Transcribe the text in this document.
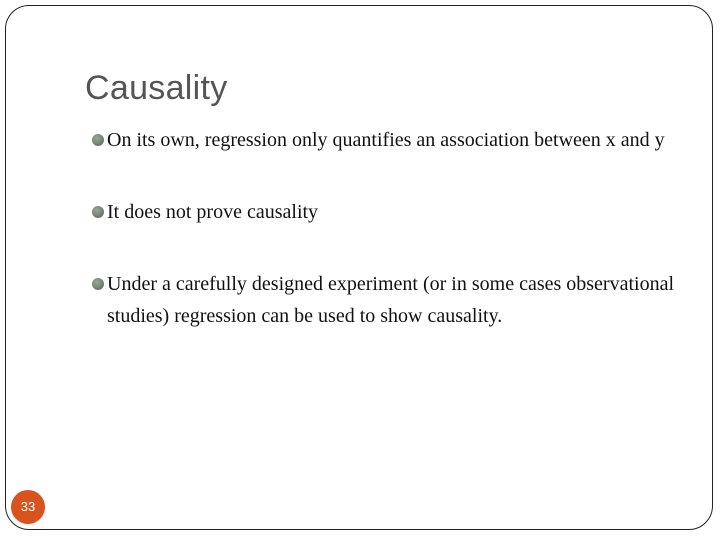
Causality
On its own, regression only quantifies an association between x and y
It does not prove causality
Under a carefully designed experiment (or in some cases observational studies) regression can be used to show causality.
33
